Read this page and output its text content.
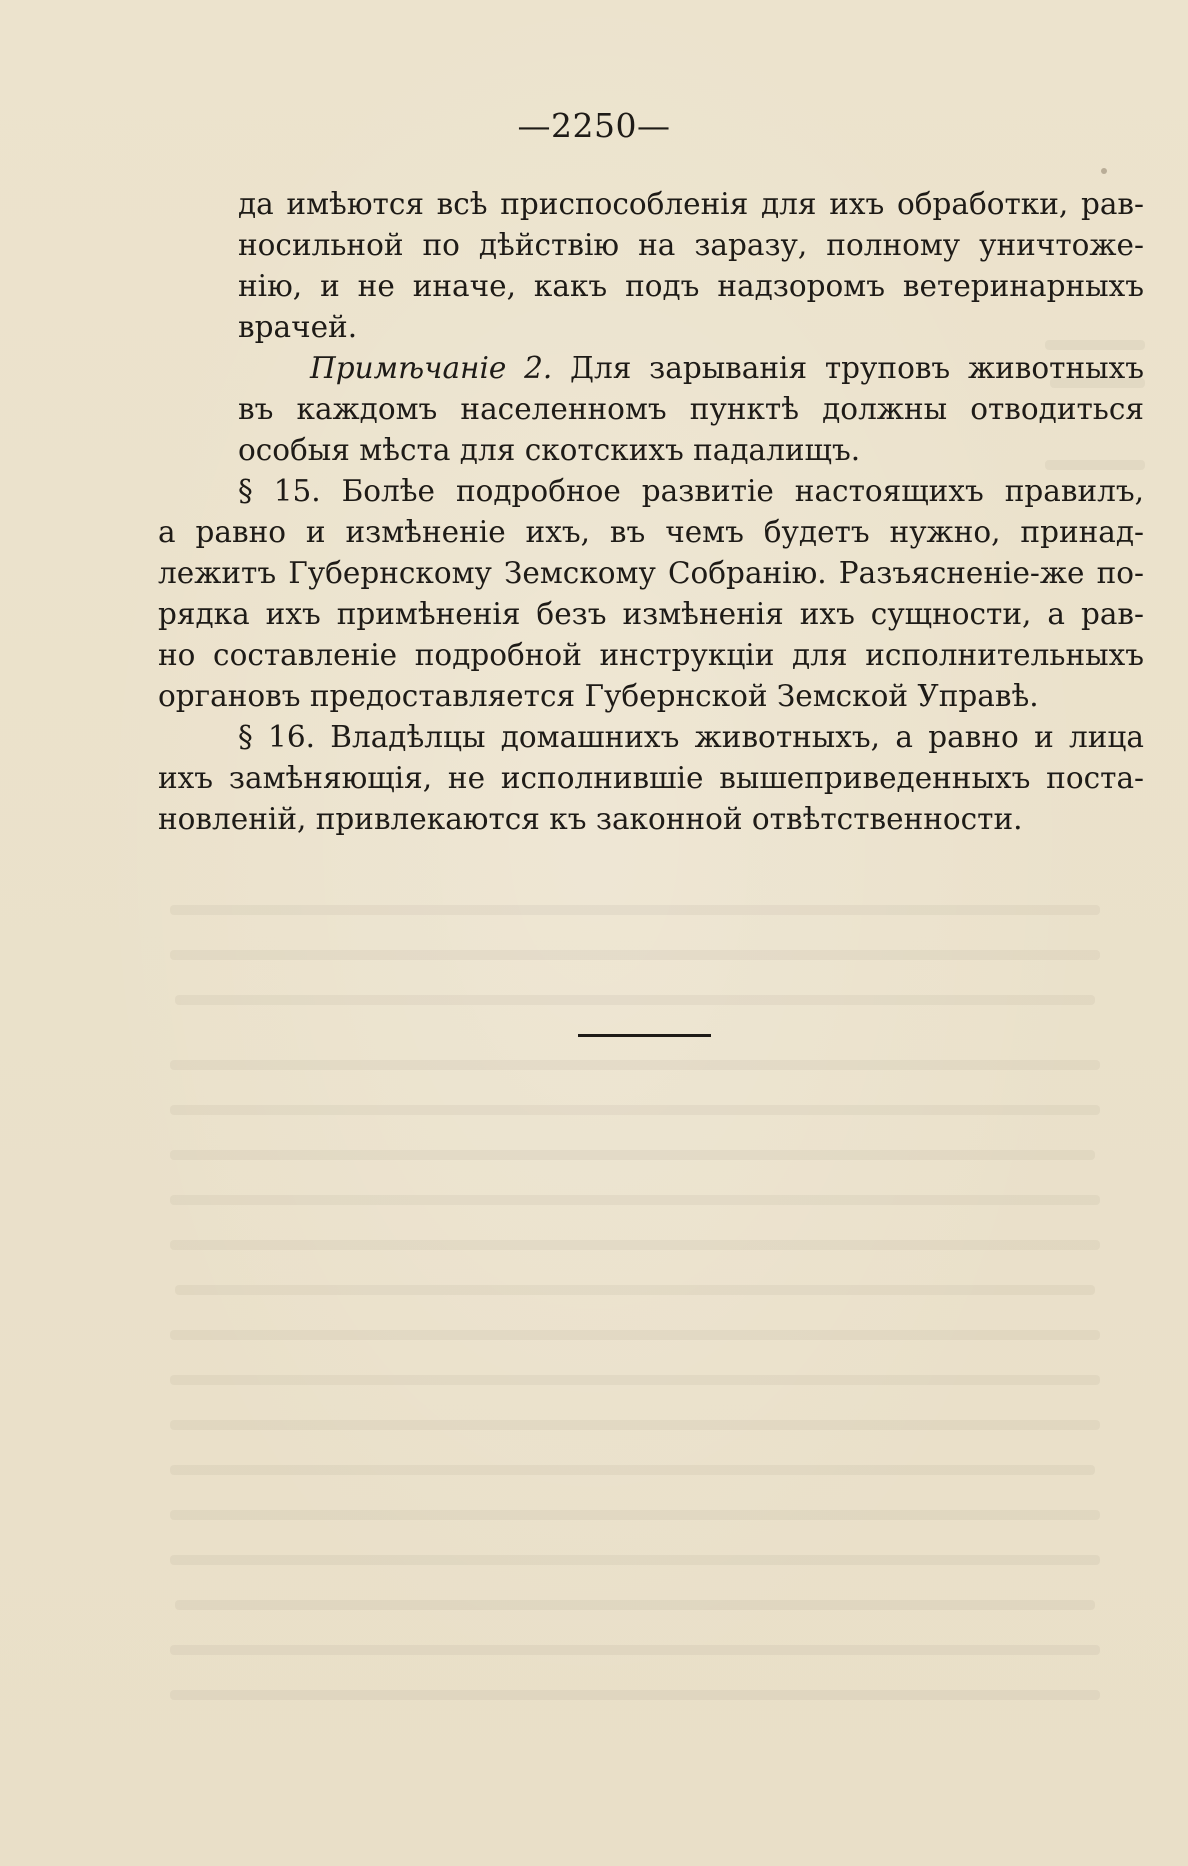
—2250—
да имѣются всѣ приспособленія для ихъ обработки, рав-
носильной по дѣйствію на заразу, полному уничтоже-
нію, и не иначе, какъ подъ надзоромъ ветеринарныхъ
врачей.
Примѣчаніе 2. Для зарыванія труповъ животныхъ
въ каждомъ населенномъ пунктѣ должны отводиться
особыя мѣста для скотскихъ падалищъ.
§ 15. Болѣе подробное развитіе настоящихъ правилъ,
а равно и измѣненіе ихъ, въ чемъ будетъ нужно, принад-
лежитъ Губернскому Земскому Собранію. Разъясненіе-же по-
рядка ихъ примѣненія безъ измѣненія ихъ сущности, а рав-
но составленіе подробной инструкціи для исполнительныхъ
органовъ предоставляется Губернской Земской Управѣ.
§ 16. Владѣлцы домашнихъ животныхъ, а равно и лица
ихъ замѣняющія, не исполнившіе вышеприведенныхъ поста-
новленій, привлекаются къ законной отвѣтственности.
